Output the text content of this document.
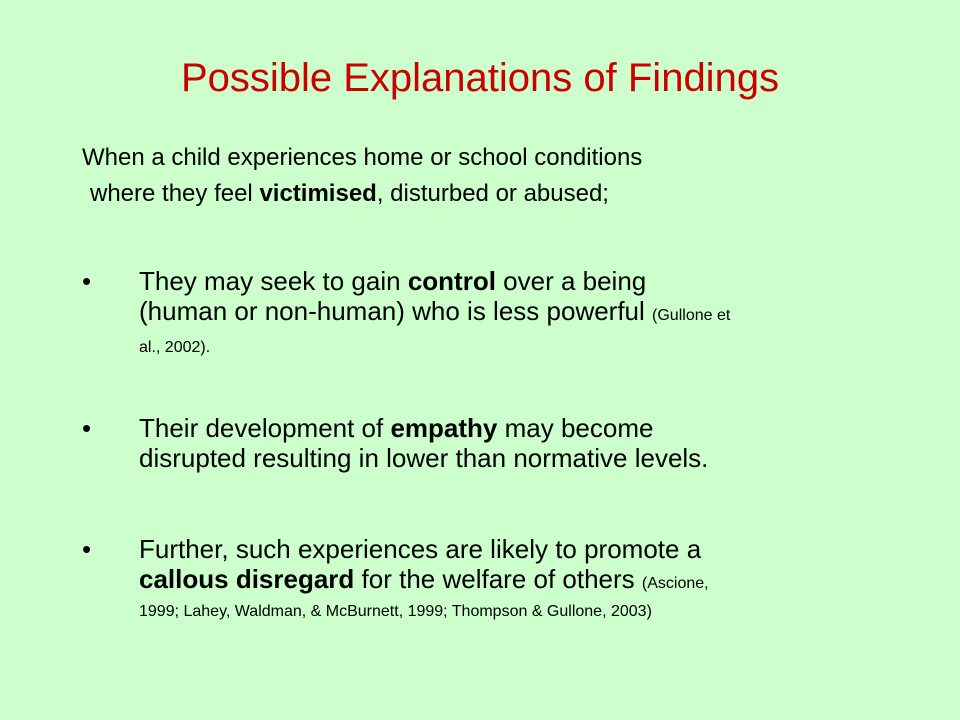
Possible Explanations of Findings
When a child experiences home or school conditions
where they feel victimised, disturbed or abused;
•	They may seek to gain control over a being
(human or non-human) who is less powerful (Gullone et
al., 2002).
•	Their development of empathy may become
disrupted resulting in lower than normative levels.
•	Further, such experiences are likely to promote a
callous disregard for the welfare of others (Ascione,
1999; Lahey, Waldman, & McBurnett, 1999; Thompson & Gullone, 2003)
